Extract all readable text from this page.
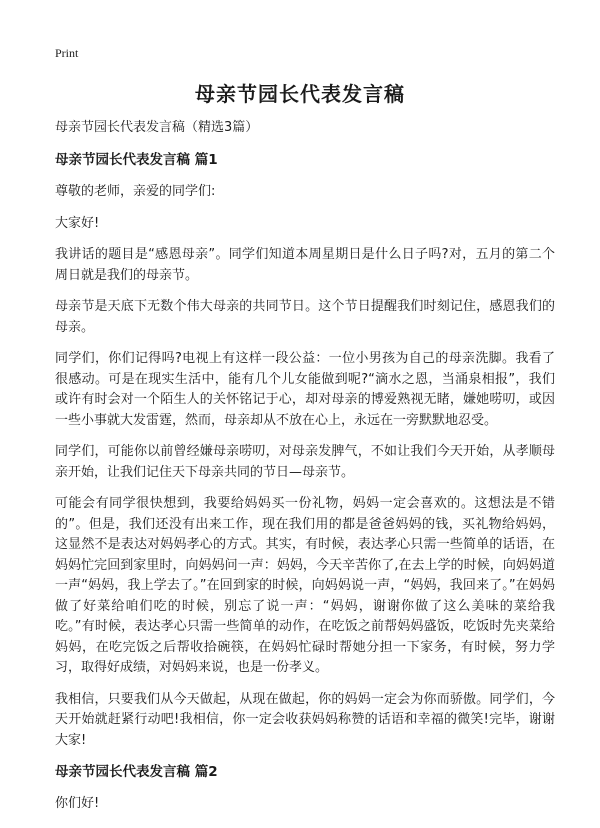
Print
母亲节园长代表发言稿
母亲节园长代表发言稿（精选3篇）
母亲节园长代表发言稿 篇1

尊敬的老师，亲爱的同学们:

大家好!

我讲话的题目是“感恩母亲”。同学们知道本周星期日是什么日子吗?对，五月的第二个周日就是我们的母亲节。

母亲节是天底下无数个伟大母亲的共同节日。这个节日提醒我们时刻记住，感恩我们的母亲。

同学们，你们记得吗?电视上有这样一段公益：一位小男孩为自己的母亲洗脚。我看了很感动。可是在现实生活中，能有几个儿女能做到呢?“滴水之恩，当涌泉相报”，我们或许有时会对一个陌生人的关怀铭记于心，却对母亲的博爱熟视无睹，嫌她唠叨，或因一些小事就大发雷霆，然而，母亲却从不放在心上，永远在一旁默默地忍受。

同学们，可能你以前曾经嫌母亲唠叨，对母亲发脾气，不如让我们今天开始，从孝顺母亲开始，让我们记住天下母亲共同的节日—母亲节。

可能会有同学很快想到，我要给妈妈买一份礼物，妈妈一定会喜欢的。这想法是不错的”。但是，我们还没有出来工作，现在我们用的都是爸爸妈妈的钱，买礼物给妈妈，这显然不是表达对妈妈孝心的方式。其实，有时候，表达孝心只需一些简单的话语，在妈妈忙完回到家里时，向妈妈问一声：妈妈，今天辛苦你了,在去上学的时候，向妈妈道一声“妈妈，我上学去了。”在回到家的时候，向妈妈说一声，“妈妈，我回来了。”在妈妈做了好菜给咱们吃的时候，别忘了说一声：“妈妈，谢谢你做了这么美味的菜给我吃。”有时候，表达孝心只需一些简单的动作，在吃饭之前帮妈妈盛饭，吃饭时先夹菜给妈妈，在吃完饭之后帮收拾碗筷，在妈妈忙碌时帮她分担一下家务，有时候，努力学习，取得好成绩，对妈妈来说，也是一份孝义。

我相信，只要我们从今天做起，从现在做起，你的妈妈一定会为你而骄傲。同学们，今天开始就赶紧行动吧!我相信，你一定会收获妈妈称赞的话语和幸福的微笑!完毕，谢谢大家!

母亲节园长代表发言稿 篇2

你们好!
